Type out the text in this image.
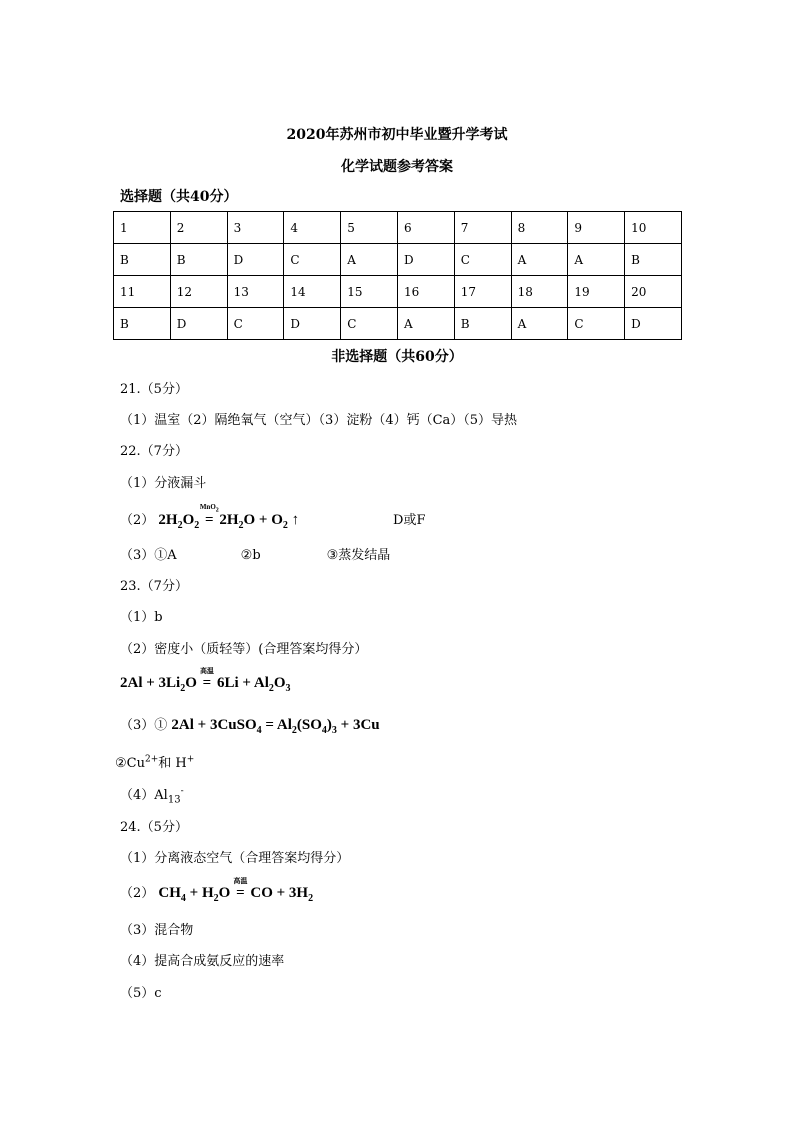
2020年苏州市初中毕业暨升学考试
化学试题参考答案
选择题（共40分）
1	2	3	4	5	6	7	8	9	10
B	B	D	C	A	D	C	A	A	B
11	12	13	14	15	16	17	18	19	20
B	D	C	D	C	A	B	A	C	D
非选择题（共60分）
21.（5分）
（1）温室（2）隔绝氧气（空气）（3）淀粉（4）钙（Ca）（5）导热
22.（7分）
（1）分液漏斗
（2） $2H_2O_2$
MnO$_2$
= $2H_2O + O_2$ ↑	D或F
（3）①A	②b	③蒸发结晶
23.（7分）
（1）b
（2）密度小（质轻等）(合理答案均得分）
$2Al + 3Li_2O$
高温
= $6Li + Al_2O_3$
（3）① 2Al + 3CuSO$_4$ = $Al_2(SO_4)_3 + 3Cu$
$②Cu^{2+}$和 H+
$(4)Al_{13}^-$
24.（5分）
（1）分离液态空气（合理答案均得分）
（2） $CH_4 + H_2O$
高温
= CO + $3H_2$
（3）混合物
（4）提高合成氨反应的速率
（5）c
